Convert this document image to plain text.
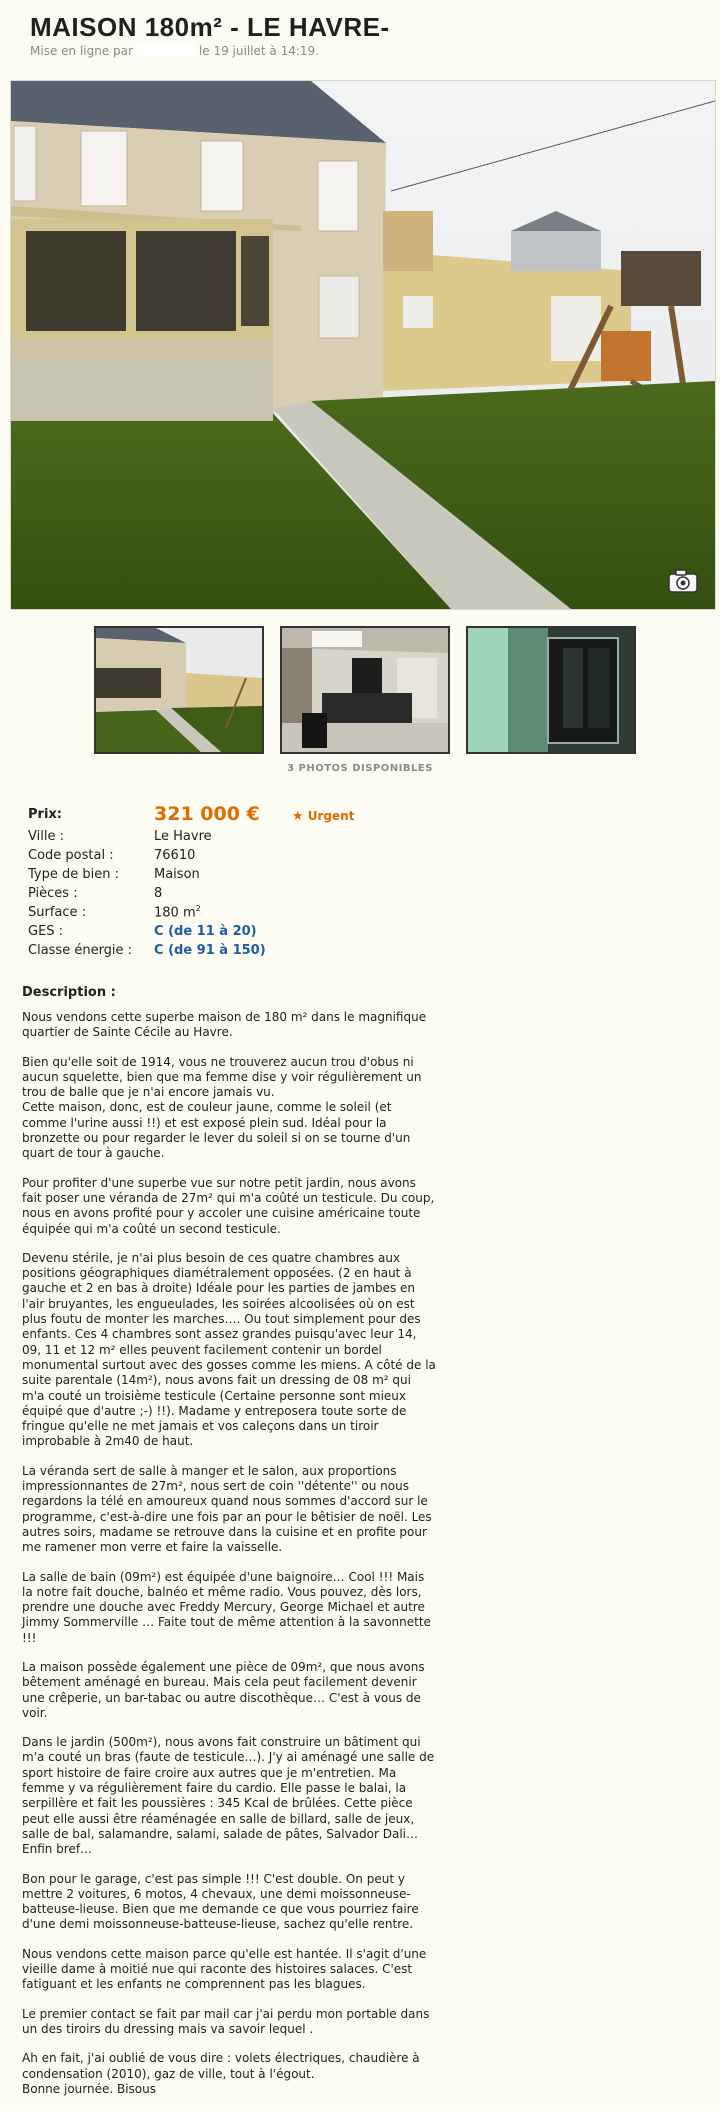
MAISON 180m² - LE HAVRE-
Mise en ligne par	le 19 juillet à 14:19.
3 PHOTOS DISPONIBLES
Prix:	321 000 € ★ Urgent
Ville :	Le Havre
Code postal :	76610
Type de bien :	Maison
Pièces :	8
Surface :	180 $m^2$
GES :	C (de 11 à 20)
Classe énergie :	C (de 91 à 150)
Description :

Nous vendons cette superbe maison de 180 m² dans le magnifique
quartier de Sainte Cécile au Havre.

Bien qu'elle soit de 1914, vous ne trouverez aucun trou d'obus ni
aucun squelette, bien que ma femme dise y voir régulièrement un
trou de balle que je n'ai encore jamais vu.
Cette maison, donc, est de couleur jaune, comme le soleil (et
comme l'urine aussi !!) et est exposé plein sud. Idéal pour la
bronzette ou pour regarder le lever du soleil si on se tourne d'un
quart de tour à gauche.

Pour profiter d'une superbe vue sur notre petit jardin, nous avons
fait poser une véranda de 27m² qui m'a coûté un testicule. Du coup,
nous en avons profité pour y accoler une cuisine américaine toute
équipée qui m'a coûté un second testicule.

Devenu stérile, je n'ai plus besoin de ces quatre chambres aux
positions géographiques diamétralement opposées. (2 en haut à
gauche et 2 en bas à droite) Idéale pour les parties de jambes en
l'air bruyantes, les engueulades, les soirées alcoolisées où on est
plus foutu de monter les marches…. Ou tout simplement pour des
enfants. Ces 4 chambres sont assez grandes puisqu'avec leur 14,
09, 11 et 12 m² elles peuvent facilement contenir un bordel
monumental surtout avec des gosses comme les miens. A côté de la
suite parentale (14m²), nous avons fait un dressing de 08 m² qui
m'a couté un troisième testicule (Certaine personne sont mieux
équipé que d'autre ;-) !!). Madame y entreposera toute sorte de
fringue qu'elle ne met jamais et vos caleçons dans un tiroir
improbable à 2m40 de haut.

La véranda sert de salle à manger et le salon, aux proportions
impressionnantes de 27m², nous sert de coin ''détente'' ou nous
regardons la télé en amoureux quand nous sommes d'accord sur le
programme, c'est-à-dire une fois par an pour le bêtisier de noël. Les
autres soirs, madame se retrouve dans la cuisine et en profite pour
me ramener mon verre et faire la vaisselle.

La salle de bain (09m²) est équipée d'une baignoire… Cool !!! Mais
la notre fait douche, balnéo et même radio. Vous pouvez, dès lors,
prendre une douche avec Freddy Mercury, George Michael et autre
Jimmy Sommerville … Faite tout de même attention à la savonnette
!!!

La maison possède également une pièce de 09m², que nous avons
bêtement aménagé en bureau. Mais cela peut facilement devenir
une crêperie, un bar-tabac ou autre discothèque… C'est à vous de
voir.

Dans le jardin (500m²), nous avons fait construire un bâtiment qui
m'a couté un bras (faute de testicule…). J'y ai aménagé une salle de
sport histoire de faire croire aux autres que je m'entretien. Ma
femme y va régulièrement faire du cardio. Elle passe le balai, la
serpillère et fait les poussières : 345 Kcal de brûlées. Cette pièce
peut elle aussi être réaménagée en salle de billard, salle de jeux,
salle de bal, salamandre, salami, salade de pâtes, Salvador Dali…
Enfin bref…

Bon pour le garage, c'est pas simple !!! C'est double. On peut y
mettre 2 voitures, 6 motos, 4 chevaux, une demi moissonneuse-
batteuse-lieuse. Bien que me demande ce que vous pourriez faire
d'une demi moissonneuse-batteuse-lieuse, sachez qu'elle rentre.

Nous vendons cette maison parce qu'elle est hantée. Il s'agit d'une
vieille dame à moitié nue qui raconte des histoires salaces. C'est
fatiguant et les enfants ne comprennent pas les blagues.

Le premier contact se fait par mail car j'ai perdu mon portable dans
un des tiroirs du dressing mais va savoir lequel .

Ah en fait, j'ai oublié de vous dire : volets électriques, chaudière à
condensation (2010), gaz de ville, tout à l'égout.
Bonne journée. Bisous
